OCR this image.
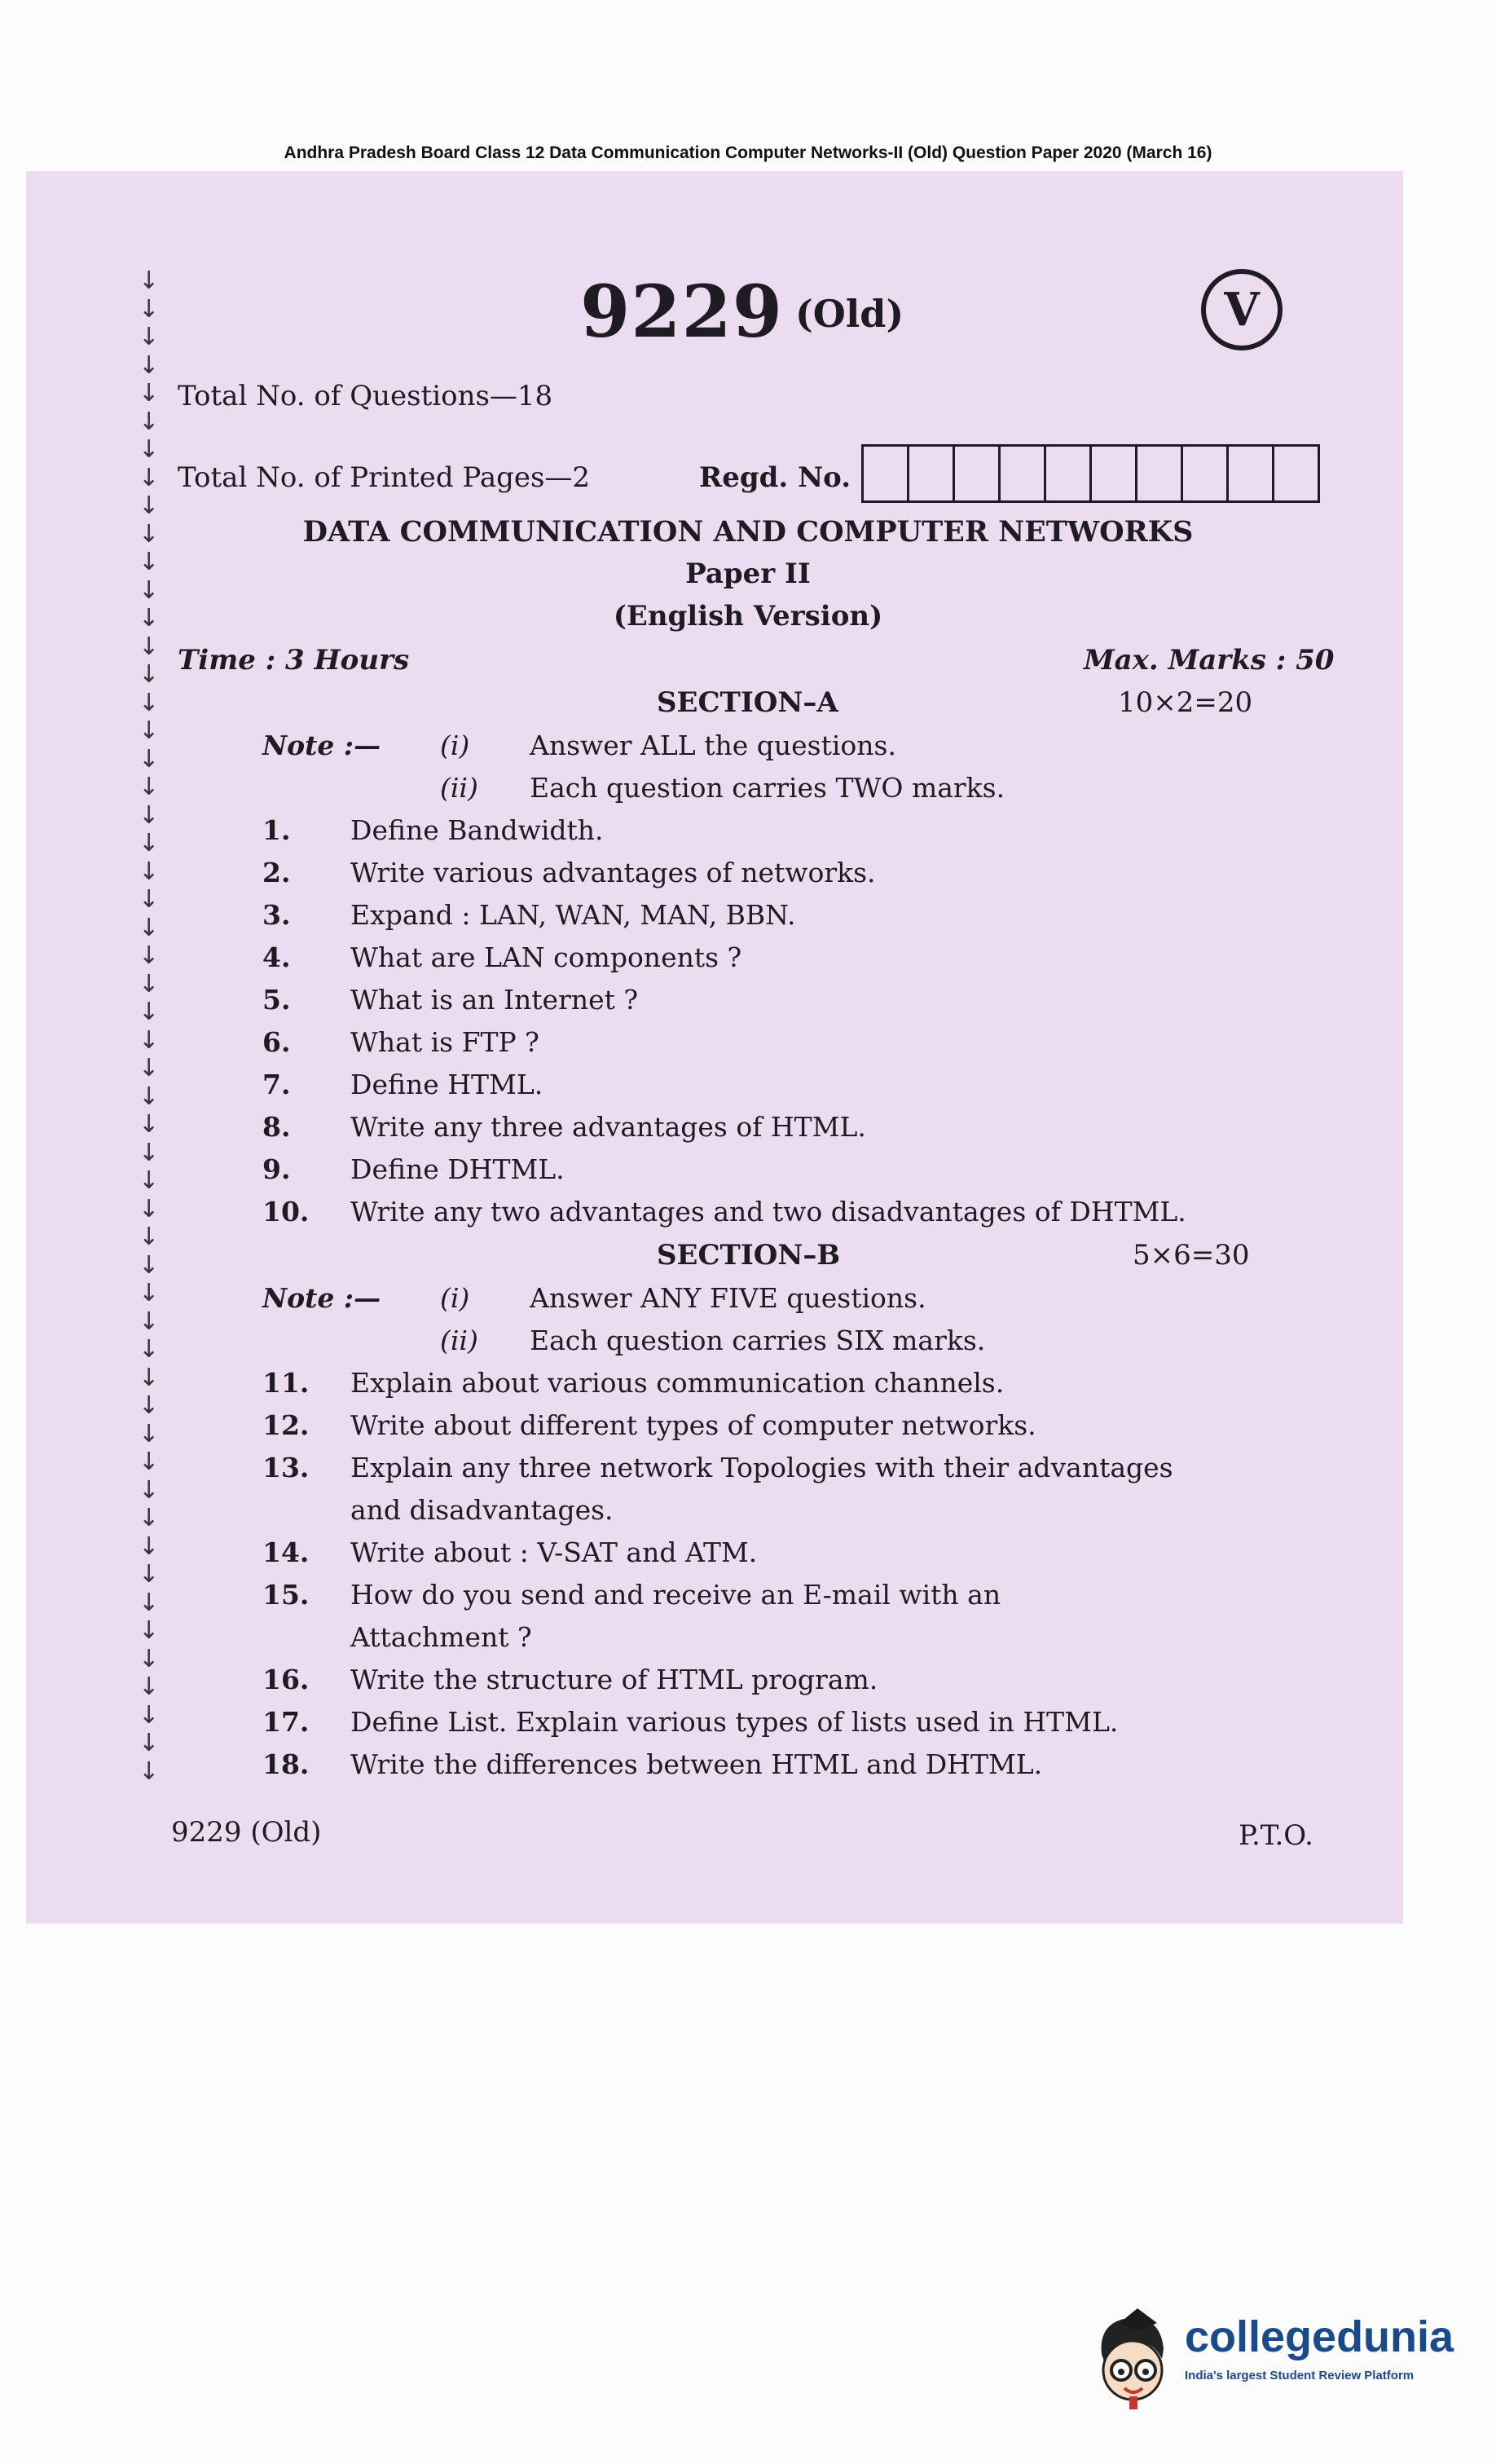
Andhra Pradesh Board Class 12 Data Communication Computer Networks-II (Old) Question Paper 2020 (March 16)
↓
↓
↓
↓
↓
↓
↓
↓
↓
↓
↓
↓
↓
↓
↓
↓
↓
↓
↓
↓
↓
↓
↓
↓
↓
↓
↓
↓
↓
↓
↓
↓
↓
↓
↓
↓
↓
↓
↓
↓
↓
↓
↓
↓
↓
↓
↓
↓
↓
↓
↓
↓
↓
↓
9229 (Old)	V
Total No. of Questions—18
Total No. of Printed Pages—2	Regd. No.
DATA COMMUNICATION AND COMPUTER NETWORKS
Paper II
(English Version)
Time : 3 Hours	Max. Marks : 50
SECTION–A	10×2=20
Note :— (i) Answer ALL the questions.
(ii) Each question carries TWO marks.
1. Define Bandwidth.
2. Write various advantages of networks.
3. Expand : LAN, WAN, MAN, BBN.
4. What are LAN components ?
5. What is an Internet ?
6. What is FTP ?
7. Define HTML.
8. Write any three advantages of HTML.
9. Define DHTML.
10. Write any two advantages and two disadvantages of DHTML.
SECTION–B	5×6=30
Note :— (i) Answer ANY FIVE questions.
(ii) Each question carries SIX marks.
11. Explain about various communication channels.
12. Write about different types of computer networks.
13. Explain any three network Topologies with their advantages
and disadvantages.
14. Write about : V-SAT and ATM.
15. How do you send and receive an E-mail with an
Attachment ?
16. Write the structure of HTML program.
17. Define List. Explain various types of lists used in HTML.
18. Write the differences between HTML and DHTML.
9229 (Old)	P.T.O.
collegedunia
India's largest Student Review Platform
